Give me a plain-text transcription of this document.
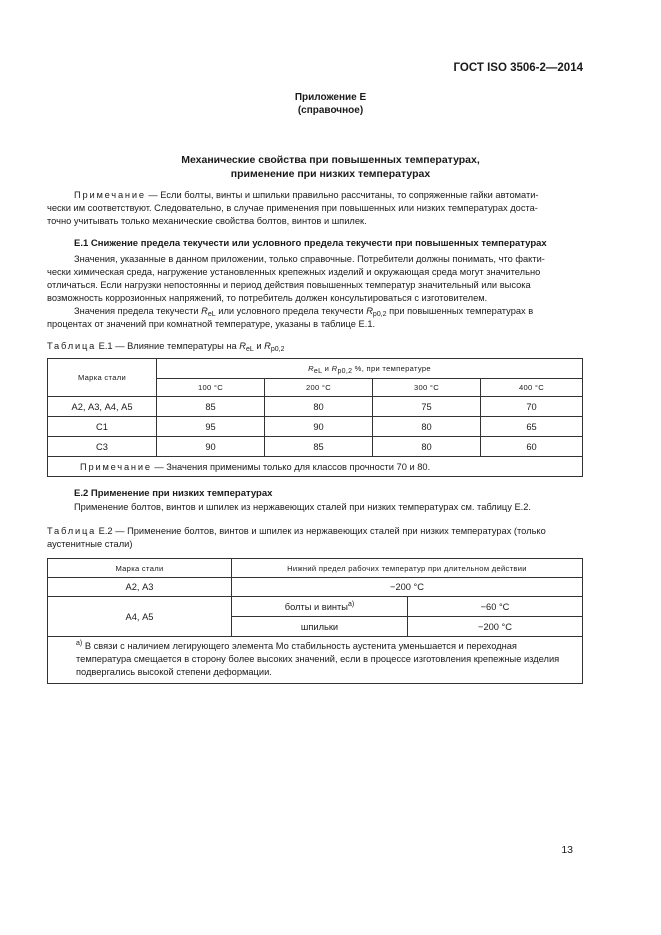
ГОСТ ISO 3506-2—2014
Приложение Е
(справочное)
Механические свойства при повышенных температурах,
применение при низких температурах
Примечание — Если болты, винты и шпильки правильно рассчитаны, то сопряженные гайки автомати-
чески им соответствуют. Следовательно, в случае применения при повышенных или низких температурах доста-
точно учитывать только механические свойства болтов, винтов и шпилек.
Е.1 Снижение предела текучести или условного предела текучести при повышенных температурах
Значения, указанные в данном приложении, только справочные. Потребители должны понимать, что факти-
чески химическая среда, нагружение установленных крепежных изделий и окружающая среда могут значительно
отличаться. Если нагрузки непостоянны и период действия повышенных температур значительный или высока
возможность коррозионных напряжений, то потребитель должен консультироваться с изготовителем.
Значения предела текучести $R_{eL}$ или условного предела текучести $R_{p0,2}$ при повышенных температурах в
процентах от значений при комнатной температуре, указаны в таблице Е.1.
Таблица Е.1 — Влияние температуры на $R_{eL}$ и $R_{p0,2}$
Марка стали	$R_{eL}$ и $R_{p0,2}$ %, при температуре			
	100 °C	200 °C	300 °C	400 °C
А2, А3, А4, А5	85	80	75	70
С1	95	90	80	65
С3	90	85	80	60
Примечание — Значения применимы только для классов прочности 70 и 80.				
Е.2 Применение при низких температурах
Применение болтов, винтов и шпилек из нержавеющих сталей при низких температурах см. таблицу Е.2.
Таблица Е.2 — Применение болтов, винтов и шпилек из нержавеющих сталей при низких температурах (только
аустенитные стали)
Марка стали	Нижний предел рабочих температур при длительном действии	
А2, А3	−200 °C	
А4, А5	болты и винты$^{а)}$	−60 °C
	шпильки	−200 °C

$^{а)}$ В связи с наличием легирующего элемента Мо стабильность аустенита уменьшается и переходная
температура смещается в сторону более высоких значений, если в процессе изготовления крепежные изделия
подвергались высокой степени деформации.		
13
